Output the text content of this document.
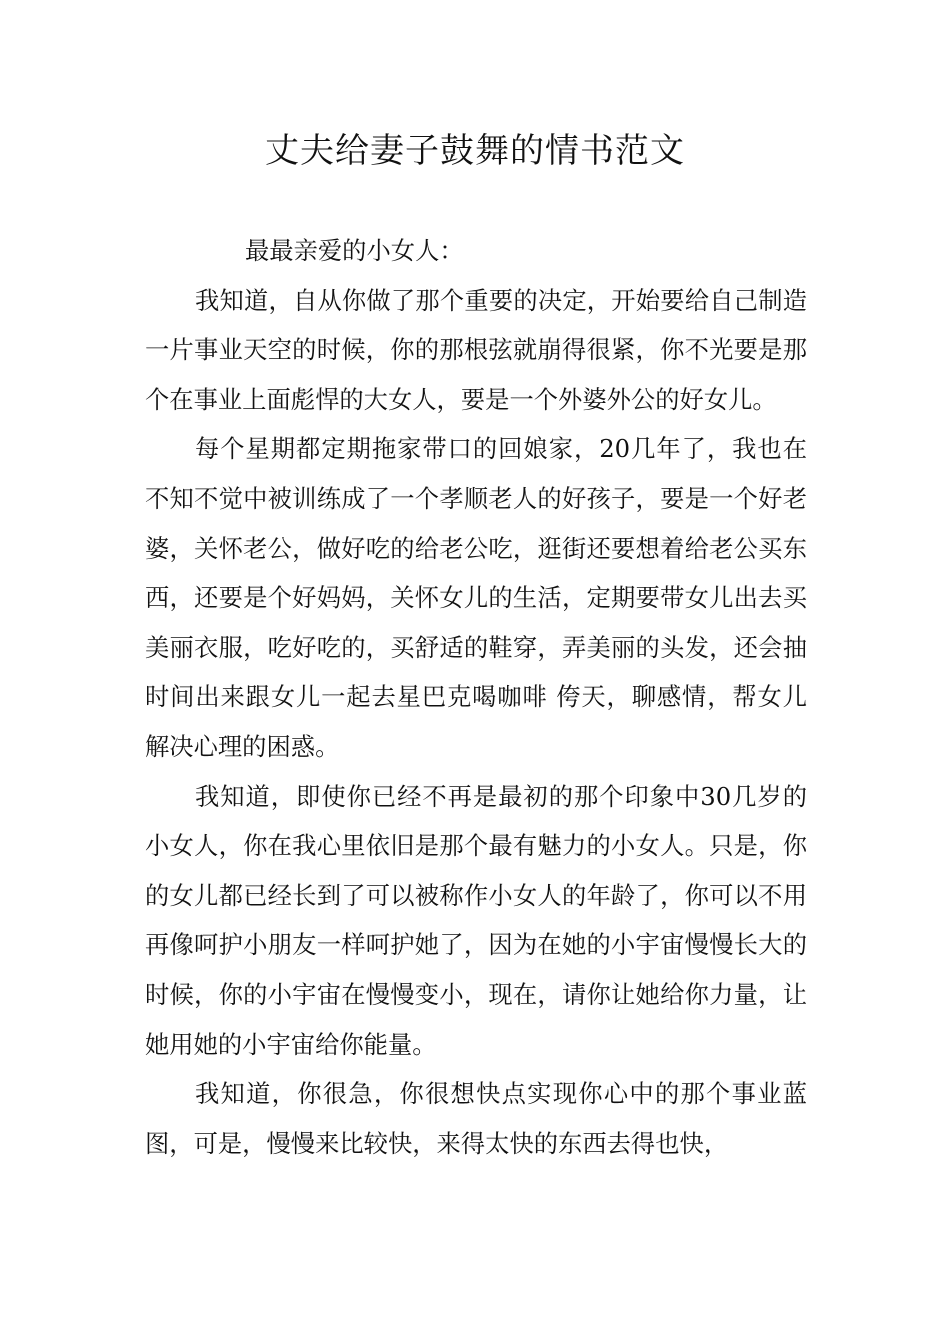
丈夫给妻子鼓舞的情书范文

最最亲爱的小女人：

我知道，自从你做了那个重要的决定，开始要给自己制造一片事业天空的时候，你的那根弦就崩得很紧，你不光要是那个在事业上面彪悍的大女人，要是一个外婆外公的好女儿。

每个星期都定期拖家带口的回娘家，20几年了，我也在不知不觉中被训练成了一个孝顺老人的好孩子，要是一个好老婆，关怀老公，做好吃的给老公吃，逛街还要想着给老公买东西，还要是个好妈妈，关怀女儿的生活，定期要带女儿出去买美丽衣服，吃好吃的，买舒适的鞋穿，弄美丽的头发，还会抽时间出来跟女儿一起去星巴克喝咖啡 侉天，聊感情，帮女儿解决心理的困惑。

我知道，即使你已经不再是最初的那个印象中30几岁的小女人，你在我心里依旧是那个最有魅力的小女人。只是，你的女儿都已经长到了可以被称作小女人的年龄了，你可以不用再像呵护小朋友一样呵护她了，因为在她的小宇宙慢慢长大的时候，你的小宇宙在慢慢变小，现在，请你让她给你力量，让她用她的小宇宙给你能量。

我知道，你很急，你很想快点实现你心中的那个事业蓝图，可是，慢慢来比较快，来得太快的东西去得也快，
